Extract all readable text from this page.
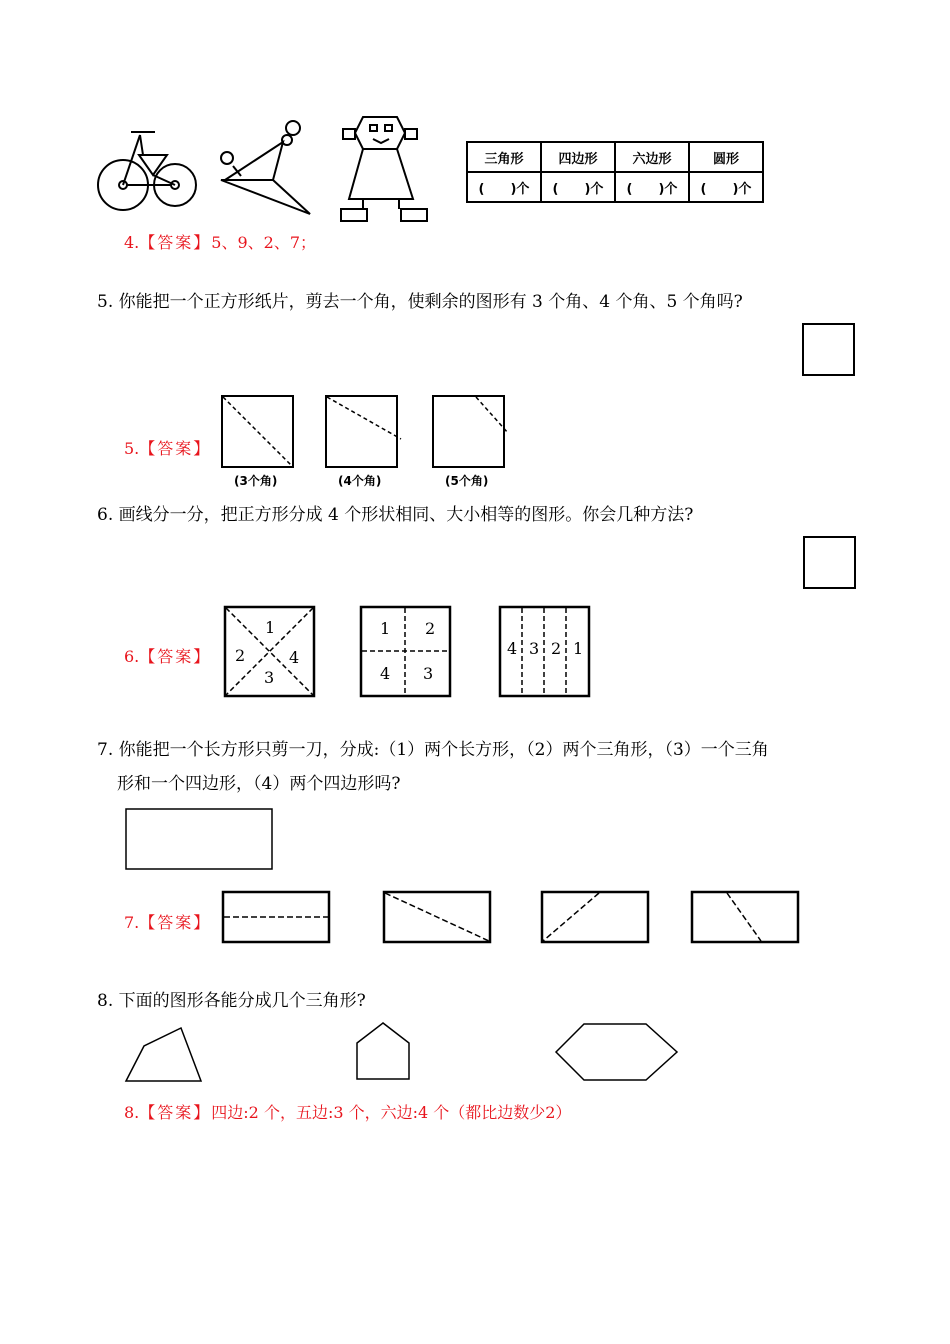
三角形	四边形	六边形	圆形
(　　)个	(　　)个	(　　)个	(　　)个
4.【答案】5、9、2、7；
5. 你能把一个正方形纸片，剪去一个角，使剩余的图形有 3 个角、4 个角、5 个角吗?
5.【答案】
(3个角)	(4个角)	(5个角)
6. 画线分一分，把正方形分成 4 个形状相同、大小相等的图形。你会几种方法?
6.【答案】
1
2
3
4
1 2
4 3
4 3 2 1
7. 你能把一个长方形只剪一刀，分成:（1）两个长方形，（2）两个三角形，（3）一个三角
形和一个四边形，（4）两个四边形吗?
7.【答案】
8. 下面的图形各能分成几个三角形?
8.【答案】四边:2 个，五边:3 个，六边:4 个（都比边数少2）
